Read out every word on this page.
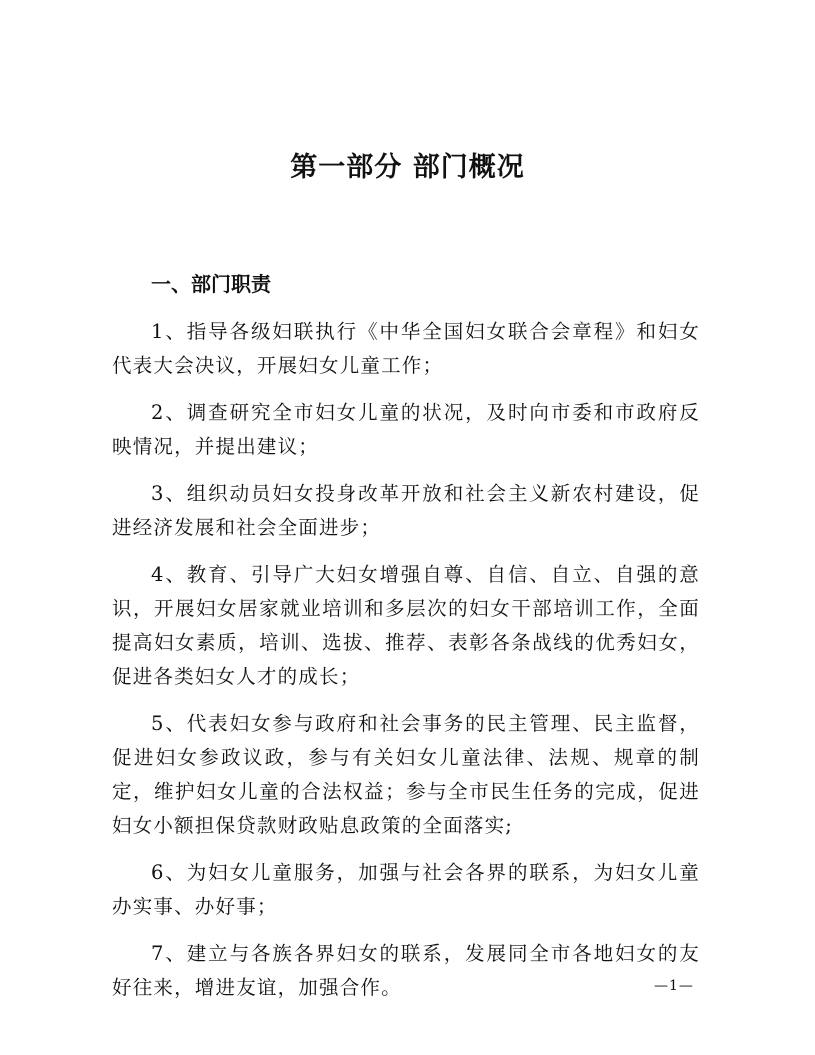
第一部分 部门概况
一、部门职责

1、指导各级妇联执行《中华全国妇女联合会章程》和妇女代表大会决议，开展妇女儿童工作；

2、调查研究全市妇女儿童的状况，及时向市委和市政府反映情况，并提出建议；

3、组织动员妇女投身改革开放和社会主义新农村建设，促进经济发展和社会全面进步；

4、教育、引导广大妇女增强自尊、自信、自立、自强的意识，开展妇女居家就业培训和多层次的妇女干部培训工作，全面提高妇女素质，培训、选拔、推荐、表彰各条战线的优秀妇女，促进各类妇女人才的成长；

5、代表妇女参与政府和社会事务的民主管理、民主监督，促进妇女参政议政，参与有关妇女儿童法律、法规、规章的制定，维护妇女儿童的合法权益；参与全市民生任务的完成，促进妇女小额担保贷款财政贴息政策的全面落实;

6、为妇女儿童服务，加强与社会各界的联系，为妇女儿童办实事、办好事；

7、建立与各族各界妇女的联系，发展同全市各地妇女的友好往来，增进友谊，加强合作。	—1—
